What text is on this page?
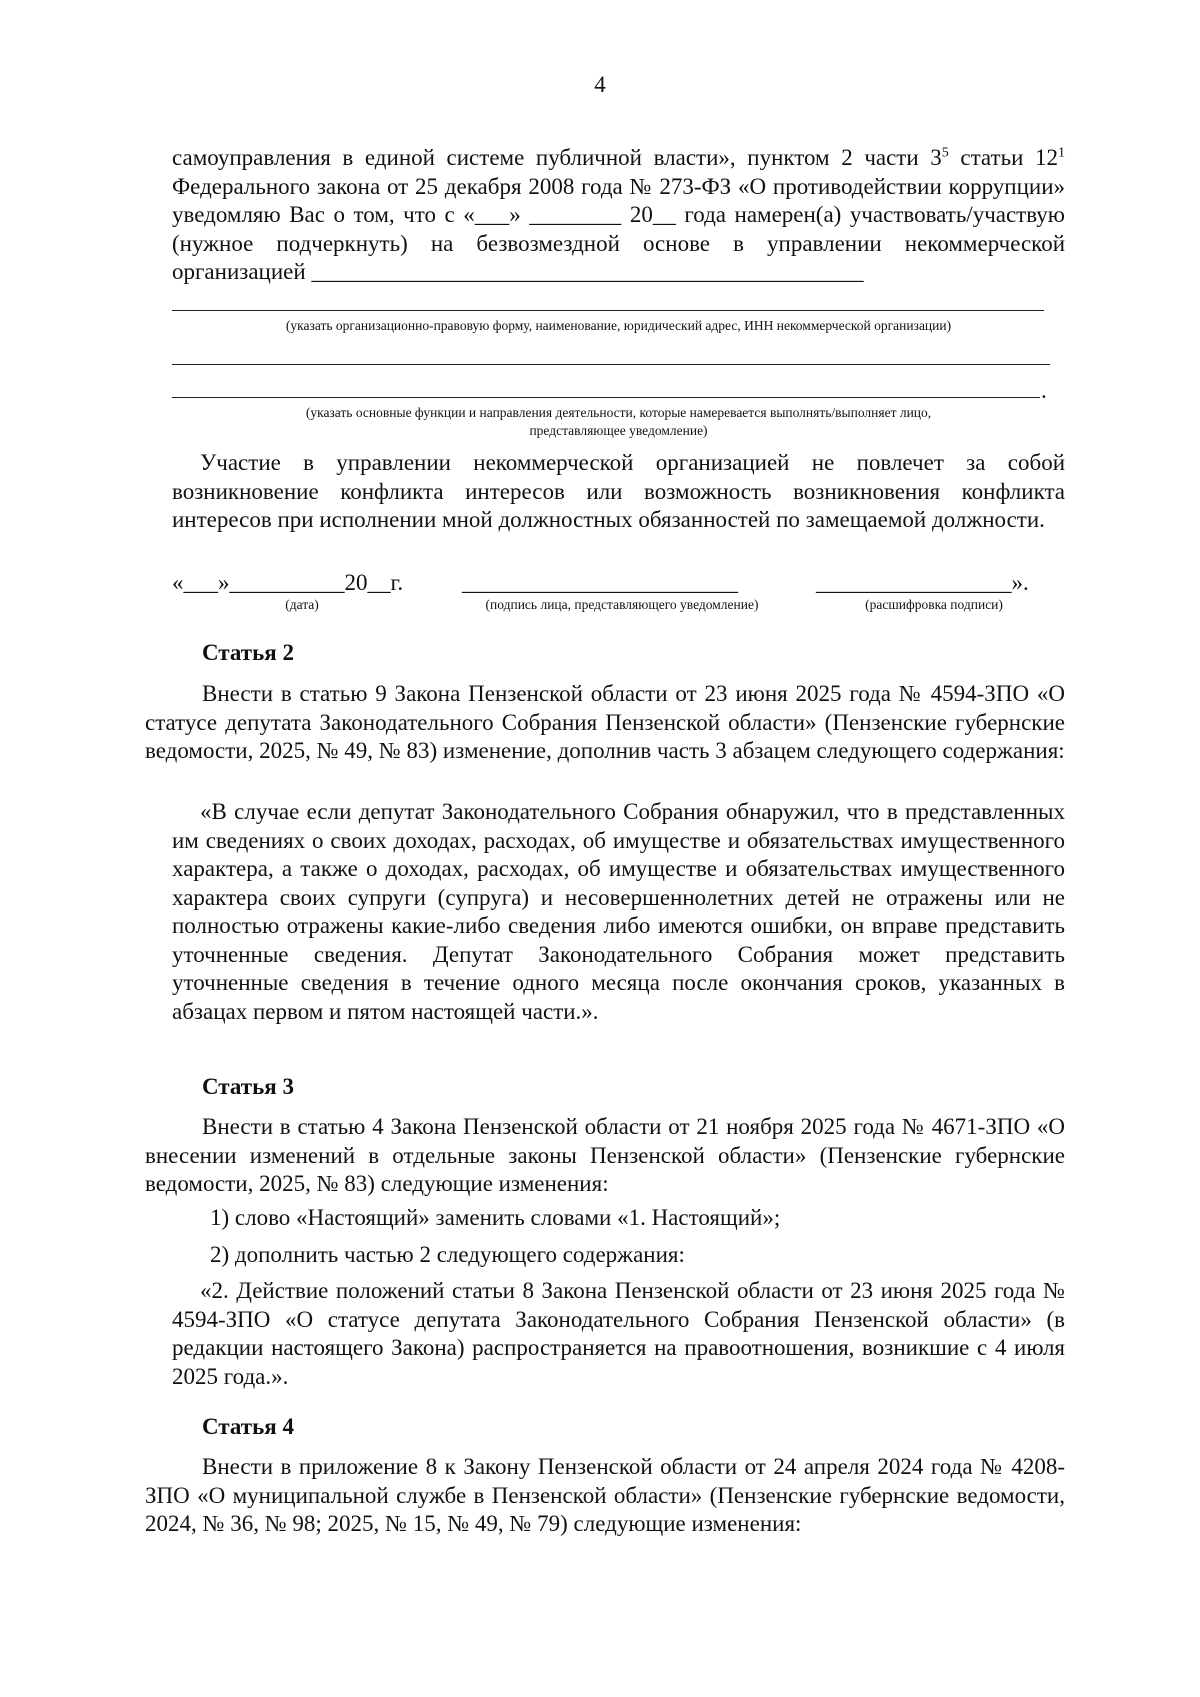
4

самоуправления в единой системе публичной власти», пунктом 2 части $3^5$ статьи $12^1$ Федерального закона от 25 декабря 2008 года № 273-ФЗ «О противодействии коррупции» уведомляю Вас о том, что с «___» ________ 20__ года намерен(а) участвовать/участвую (нужное подчеркнуть) на безвозмездной основе в управлении некоммерческой организацией ________________________________________________

(указать организационно-правовую форму, наименование, юридический адрес, ИНН некоммерческой организации)
.
(указать основные функции и направления деятельности, которые намеревается выполнять/выполняет лицо,
представляющее уведомление)

Участие в управлении некоммерческой организацией не повлечет за собой возникновение конфликта интересов или возможность возникновения конфликта интересов при исполнении мной должностных обязанностей по замещаемой должности.

«___»__________20__г.	________________________	_________________».
(дата)	(подпись лица, представляющего уведомление)	(расшифровка подписи)
Статья 2

Внести в статью 9 Закона Пензенской области от 23 июня 2025 года № 4594-ЗПО «О статусе депутата Законодательного Собрания Пензенской области» (Пензенские губернские ведомости, 2025, № 49, № 83) изменение, дополнив часть 3 абзацем следующего содержания:

«В случае если депутат Законодательного Собрания обнаружил, что в представленных им сведениях о своих доходах, расходах, об имуществе и обязательствах имущественного характера, а также о доходах, расходах, об имуществе и обязательствах имущественного характера своих супруги (супруга) и несовершеннолетних детей не отражены или не полностью отражены какие-либо сведения либо имеются ошибки, он вправе представить уточненные сведения. Депутат Законодательного Собрания может представить уточненные сведения в течение одного месяца после окончания сроков, указанных в абзацах первом и пятом настоящей части.».

Статья 3

Внести в статью 4 Закона Пензенской области от 21 ноября 2025 года № 4671-ЗПО «О внесении изменений в отдельные законы Пензенской области» (Пензенские губернские ведомости, 2025, № 83) следующие изменения:

1) слово «Настоящий» заменить словами «1. Настоящий»;

2) дополнить частью 2 следующего содержания:

«2. Действие положений статьи 8 Закона Пензенской области от 23 июня 2025 года № 4594-ЗПО «О статусе депутата Законодательного Собрания Пензенской области» (в редакции настоящего Закона) распространяется на правоотношения, возникшие с 4 июля 2025 года.».

Статья 4

Внести в приложение 8 к Закону Пензенской области от 24 апреля 2024 года № 4208-ЗПО «О муниципальной службе в Пензенской области» (Пензенские губернские ведомости, 2024, № 36, № 98; 2025, № 15, № 49, № 79) следующие изменения:
